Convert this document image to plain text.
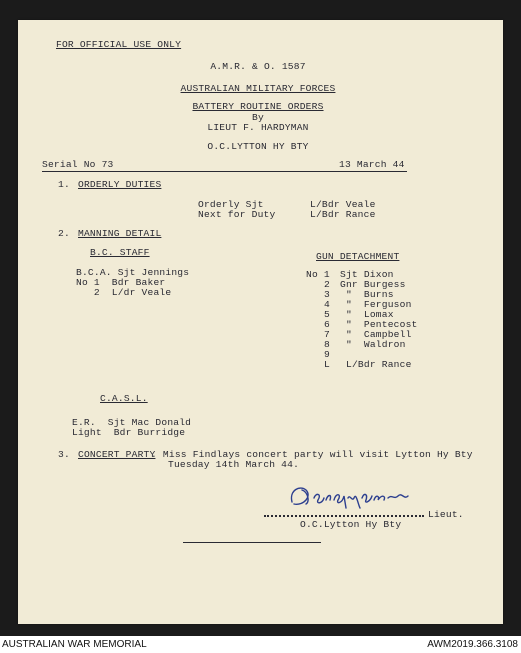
FOR OFFICIAL USE ONLY
A.M.R. & O. 1587
AUSTRALIAN MILITARY FORCES
BATTERY ROUTINE ORDERS
By
LIEUT F. HARDYMAN
O.C.LYTTON HY BTY
Serial No 73	13 March 44
1. ORDERLY DUTIES
Orderly Sjt	L/Bdr Veale
Next for Duty	L/Bdr Rance
2. MANNING DETAIL
B.C. STAFF
B.C.A. Sjt Jennings
No 1  Bdr Baker
2  L/dr Veale
GUN DETACHMENT
No 1 Sjt Dixon
2 Gnr Burgess
3 "  Burns
4 "  Ferguson
5 "  Lomax
6 "  Pentecost
7 "  Campbell
8 "  Waldron
9
L L/Bdr Rance
C.A.S.L.
E.R.  Sjt Mac Donald
Light  Bdr Burridge
3. CONCERT PARTY
. Miss Findlays concert party will visit Lytton Hy Bty
Tuesday 14th March 44.
Lieut.
O.C.Lytton Hy Bty
AUSTRALIAN WAR MEMORIAL	AWM2019.366.3108
